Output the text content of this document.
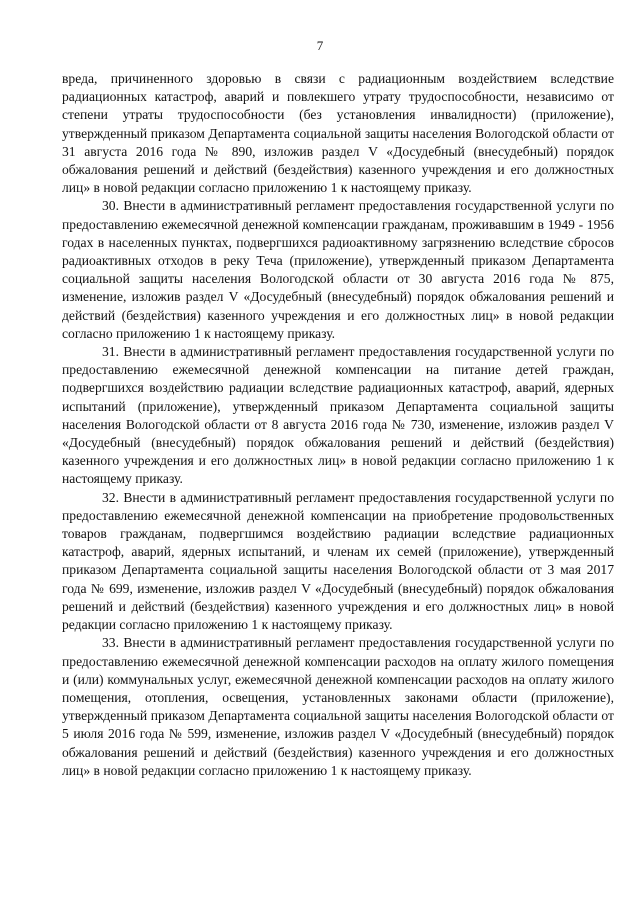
7

вреда, причиненного здоровью в связи с радиационным воздействием вследствие радиационных катастроф, аварий и повлекшего утрату трудоспособности, независимо от степени утраты трудоспособности (без установления инвалидности) (приложение), утвержденный приказом Департамента социальной защиты населения Вологодской области от 31 августа 2016 года № 890, изложив раздел V «Досудебный (внесудебный) порядок обжалования решений и действий (бездействия) казенного учреждения и его должностных лиц» в новой редакции согласно приложению 1 к настоящему приказу.

30. Внести в административный регламент предоставления государственной услуги по предоставлению ежемесячной денежной компенсации гражданам, проживавшим в 1949 - 1956 годах в населенных пунктах, подвергшихся радиоактивному загрязнению вследствие сбросов радиоактивных отходов в реку Теча (приложение), утвержденный приказом Департамента социальной защиты населения Вологодской области от 30 августа 2016 года № 875, изменение, изложив раздел V «Досудебный (внесудебный) порядок обжалования решений и действий (бездействия) казенного учреждения и его должностных лиц» в новой редакции согласно приложению 1 к настоящему приказу.

31. Внести в административный регламент предоставления государственной услуги по предоставлению ежемесячной денежной компенсации на питание детей граждан, подвергшихся воздействию радиации вследствие радиационных катастроф, аварий, ядерных испытаний (приложение), утвержденный приказом Департамента социальной защиты населения Вологодской области от 8 августа 2016 года № 730, изменение, изложив раздел V «Досудебный (внесудебный) порядок обжалования решений и действий (бездействия) казенного учреждения и его должностных лиц» в новой редакции согласно приложению 1 к настоящему приказу.

32. Внести в административный регламент предоставления государственной услуги по предоставлению ежемесячной денежной компенсации на приобретение продовольственных товаров гражданам, подвергшимся воздействию радиации вследствие радиационных катастроф, аварий, ядерных испытаний, и членам их семей (приложение), утвержденный приказом Департамента социальной защиты населения Вологодской области от 3 мая 2017 года № 699, изменение, изложив раздел V «Досудебный (внесудебный) порядок обжалования решений и действий (бездействия) казенного учреждения и его должностных лиц» в новой редакции согласно приложению 1 к настоящему приказу.

33. Внести в административный регламент предоставления государственной услуги по предоставлению ежемесячной денежной компенсации расходов на оплату жилого помещения и (или) коммунальных услуг, ежемесячной денежной компенсации расходов на оплату жилого помещения, отопления, освещения, установленных законами области (приложение), утвержденный приказом Департамента социальной защиты населения Вологодской области от 5 июля 2016 года № 599, изменение, изложив раздел V «Досудебный (внесудебный) порядок обжалования решений и действий (бездействия) казенного учреждения и его должностных лиц» в новой редакции согласно приложению 1 к настоящему приказу.
